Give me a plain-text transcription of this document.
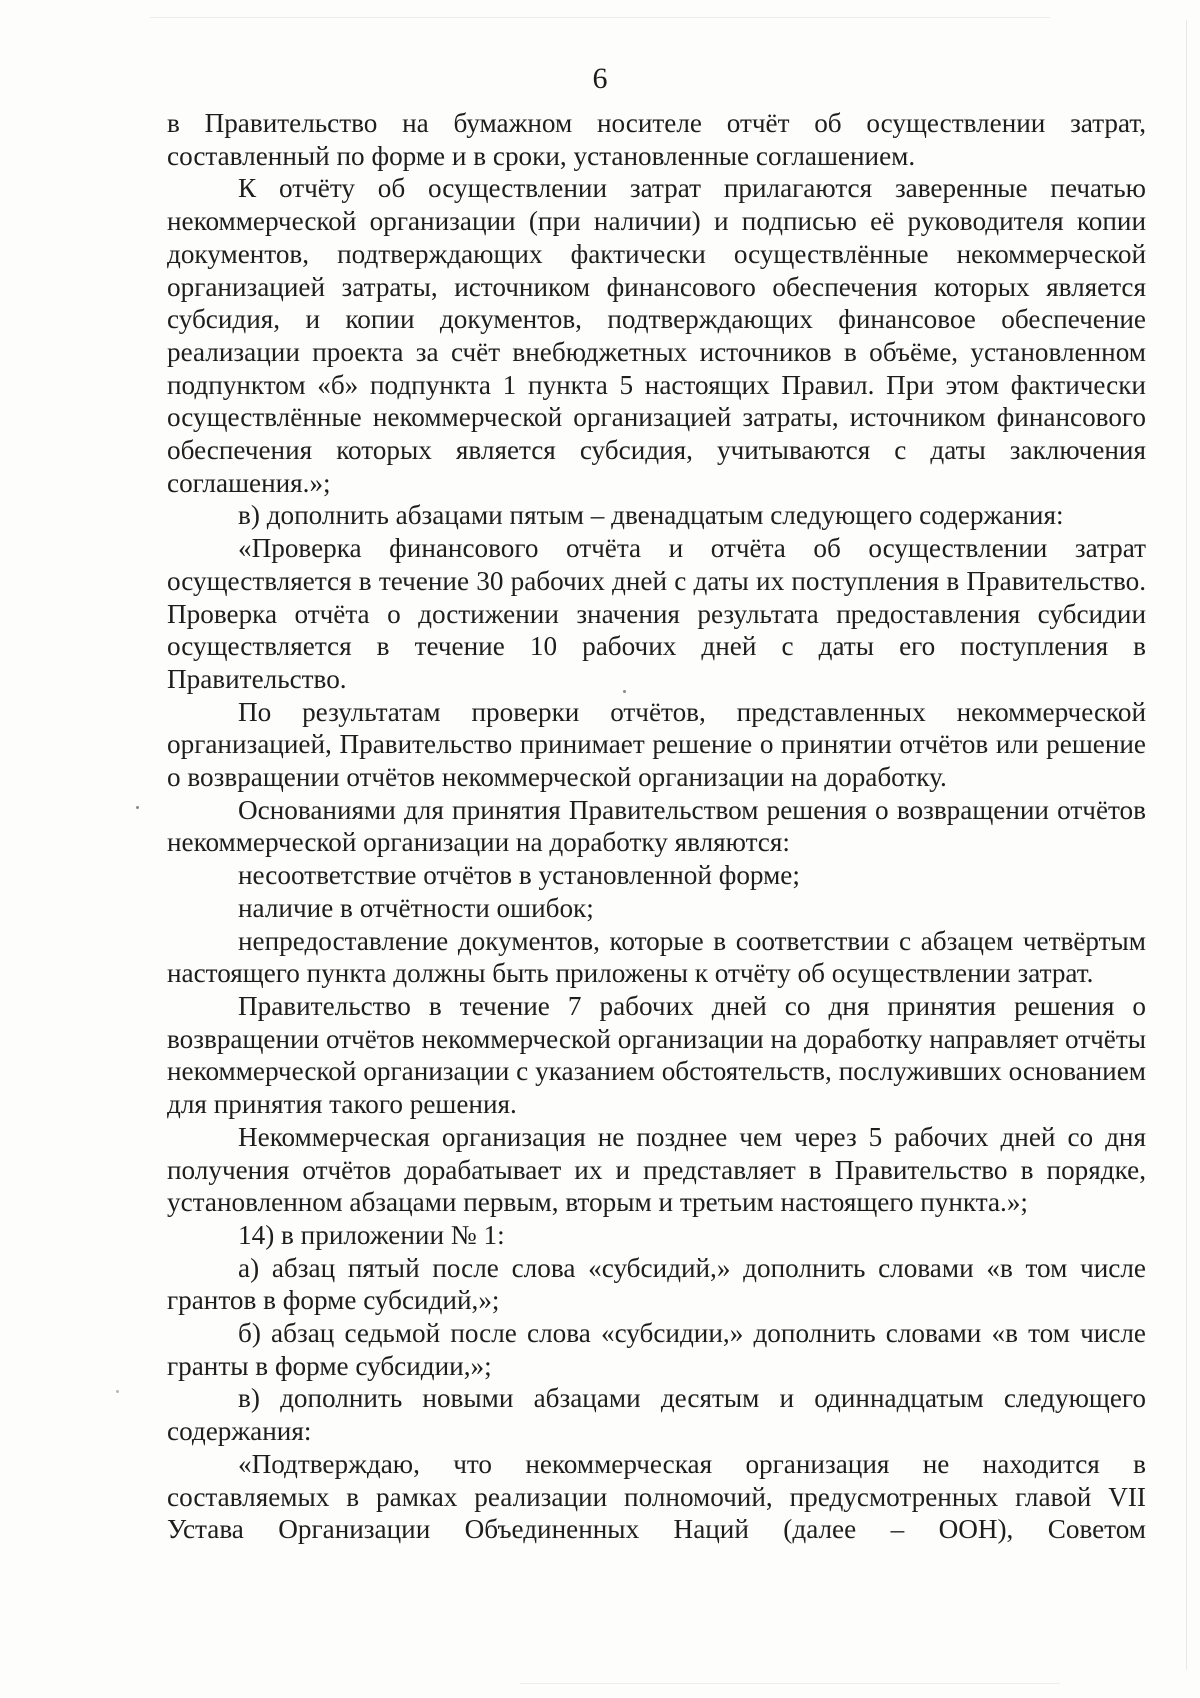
6

в Правительство на бумажном носителе отчёт об осуществлении затрат, составленный по форме и в сроки, установленные соглашением.

К отчёту об осуществлении затрат прилагаются заверенные печатью некоммерческой организации (при наличии) и подписью её руководителя копии документов, подтверждающих фактически осуществлённые некоммерческой организацией затраты, источником финансового обеспечения которых является субсидия, и копии документов, подтверждающих финансовое обеспечение реализации проекта за счёт внебюджетных источников в объёме, установленном подпунктом «б» подпункта 1 пункта 5 настоящих Правил. При этом фактически осуществлённые некоммерческой организацией затраты, источником финансового обеспечения которых является субсидия, учитываются с даты заключения соглашения.»;

в) дополнить абзацами пятым – двенадцатым следующего содержания:

«Проверка финансового отчёта и отчёта об осуществлении затрат осуществляется в течение 30 рабочих дней с даты их поступления в Правительство. Проверка отчёта о достижении значения результата предоставления субсидии осуществляется в течение 10 рабочих дней с даты его поступления в Правительство.

По результатам проверки отчётов, представленных некоммерческой организацией, Правительство принимает решение о принятии отчётов или решение о возвращении отчётов некоммерческой организации на доработку.

Основаниями для принятия Правительством решения о возвращении отчётов некоммерческой организации на доработку являются:

несоответствие отчётов в установленной форме;

наличие в отчётности ошибок;

непредоставление документов, которые в соответствии с абзацем четвёртым настоящего пункта должны быть приложены к отчёту об осуществлении затрат.

Правительство в течение 7 рабочих дней со дня принятия решения о возвращении отчётов некоммерческой организации на доработку направляет отчёты некоммерческой организации с указанием обстоятельств, послуживших основанием для принятия такого решения.

Некоммерческая организация не позднее чем через 5 рабочих дней со дня получения отчётов дорабатывает их и представляет в Правительство в порядке, установленном абзацами первым, вторым и третьим настоящего пункта.»;

14) в приложении № 1:

а) абзац пятый после слова «субсидий,» дополнить словами «в том числе грантов в форме субсидий,»;

б) абзац седьмой после слова «субсидии,» дополнить словами «в том числе гранты в форме субсидии,»;

в) дополнить новыми абзацами десятым и одиннадцатым следующего содержания:

«Подтверждаю, что некоммерческая организация не находится в составляемых в рамках реализации полномочий, предусмотренных главой VII Устава Организации Объединенных Наций (далее – ООН), Советом
